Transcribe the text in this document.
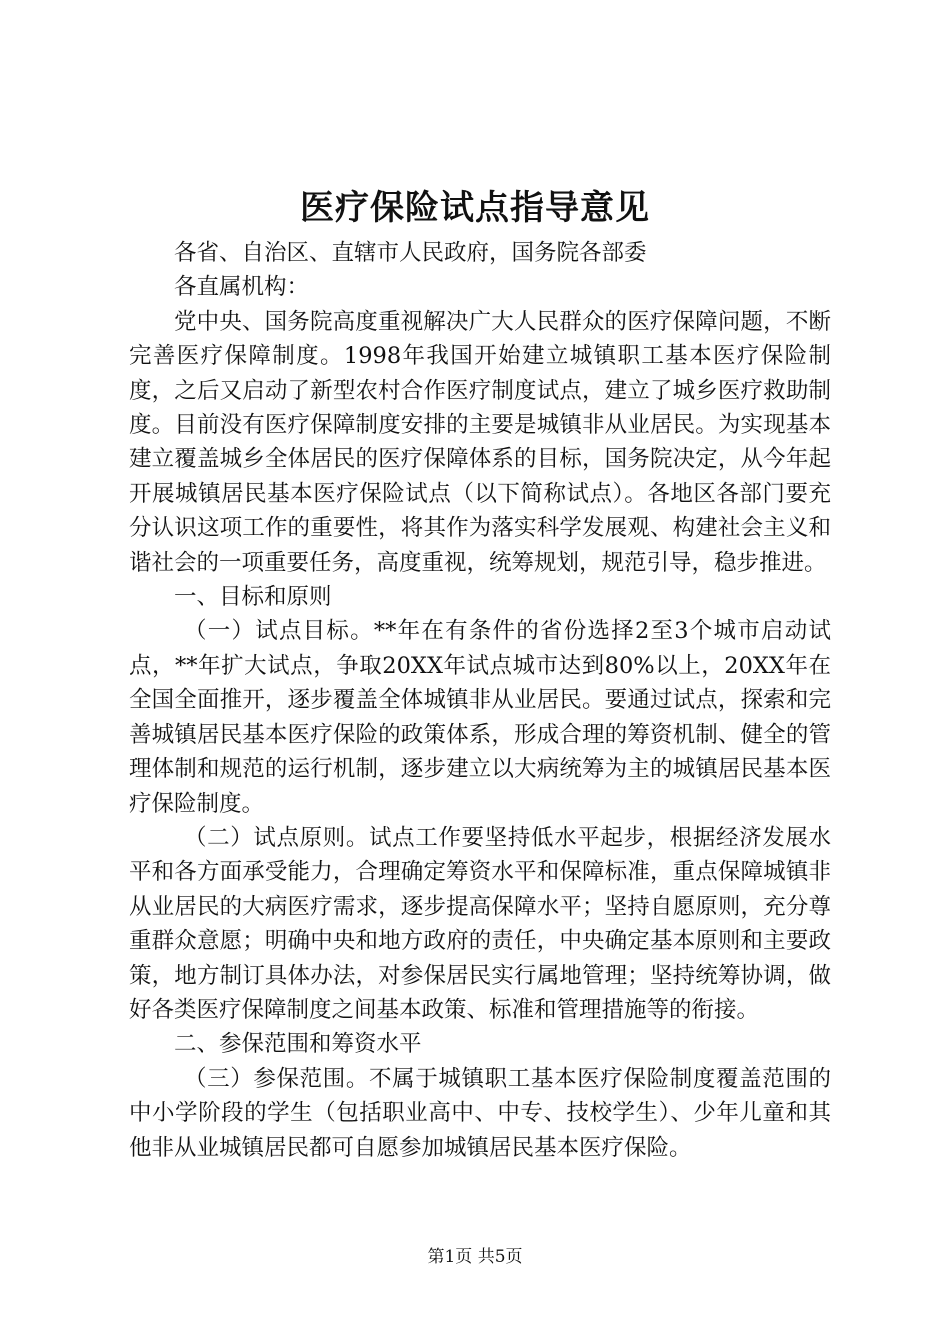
医疗保险试点指导意见

各省、自治区、直辖市人民政府，国务院各部委

各直属机构：

党中央、国务院高度重视解决广大人民群众的医疗保障问题，不断完善医疗保障制度。1998年我国开始建立城镇职工基本医疗保险制度，之后又启动了新型农村合作医疗制度试点，建立了城乡医疗救助制度。目前没有医疗保障制度安排的主要是城镇非从业居民。为实现基本建立覆盖城乡全体居民的医疗保障体系的目标，国务院决定，从今年起开展城镇居民基本医疗保险试点（以下简称试点）。各地区各部门要充分认识这项工作的重要性，将其作为落实科学发展观、构建社会主义和谐社会的一项重要任务，高度重视，统筹规划，规范引导，稳步推进。

一、目标和原则

（一）试点目标。**年在有条件的省份选择2至3个城市启动试点，**年扩大试点，争取20XX年试点城市达到80%以上，20XX年在全国全面推开，逐步覆盖全体城镇非从业居民。要通过试点，探索和完善城镇居民基本医疗保险的政策体系，形成合理的筹资机制、健全的管理体制和规范的运行机制，逐步建立以大病统筹为主的城镇居民基本医疗保险制度。

（二）试点原则。试点工作要坚持低水平起步，根据经济发展水平和各方面承受能力，合理确定筹资水平和保障标准，重点保障城镇非从业居民的大病医疗需求，逐步提高保障水平；坚持自愿原则，充分尊重群众意愿；明确中央和地方政府的责任，中央确定基本原则和主要政策，地方制订具体办法，对参保居民实行属地管理；坚持统筹协调，做好各类医疗保障制度之间基本政策、标准和管理措施等的衔接。

二、参保范围和筹资水平

（三）参保范围。不属于城镇职工基本医疗保险制度覆盖范围的中小学阶段的学生（包括职业高中、中专、技校学生）、少年儿童和其他非从业城镇居民都可自愿参加城镇居民基本医疗保险。

第1页 共5页
